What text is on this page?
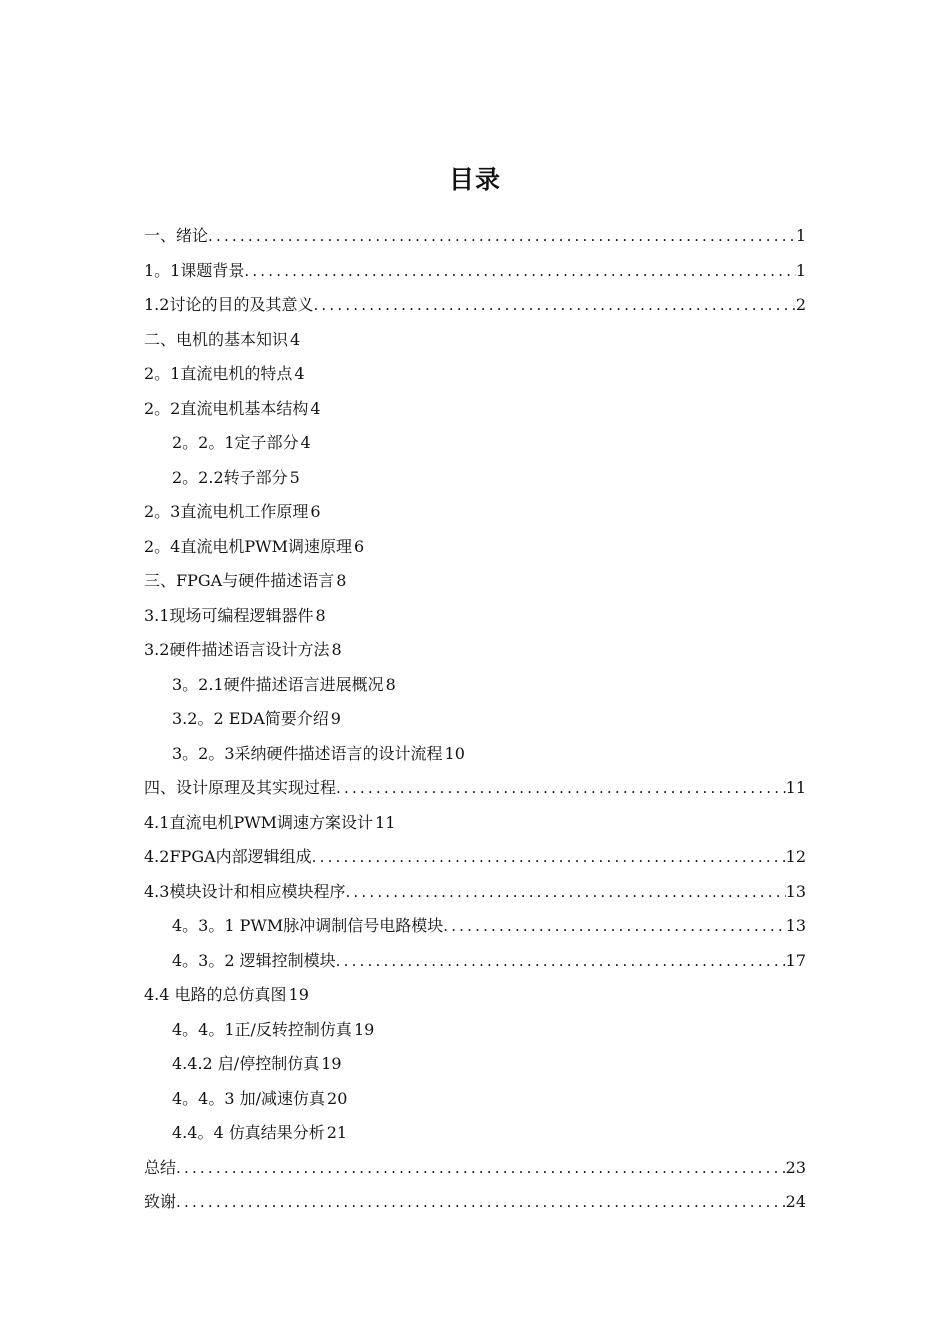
目录
一、绪论 .....	1
1。1课题背景 .....	1
1.2讨论的目的及其意义 .....	2
二、电机的基本知识 4
2。1直流电机的特点 4
2。2直流电机基本结构 4
2。2。1定子部分 4
2。2.2转子部分 5
2。3直流电机工作原理 6
2。4直流电机PWM调速原理 6
三、FPGA与硬件描述语言 8
3.1现场可编程逻辑器件 8
3.2硬件描述语言设计方法 8
3。2.1硬件描述语言进展概况 8
3.2。2 EDA简要介绍 9
3。2。3采纳硬件描述语言的设计流程 10
四、设计原理及其实现过程 .....	11
4.1直流电机PWM调速方案设计 11
4.2FPGA内部逻辑组成 .....	12
4.3模块设计和相应模块程序 .....	13
4。3。1 PWM脉冲调制信号电路模块 .....	13
4。3。2 逻辑控制模块 .....	17
4.4 电路的总仿真图 19
4。4。1正/反转控制仿真 19
4.4.2 启/停控制仿真 19
4。4。3 加/减速仿真 20
4.4。4 仿真结果分析 21
总结 .....	23
致谢 .....	24
